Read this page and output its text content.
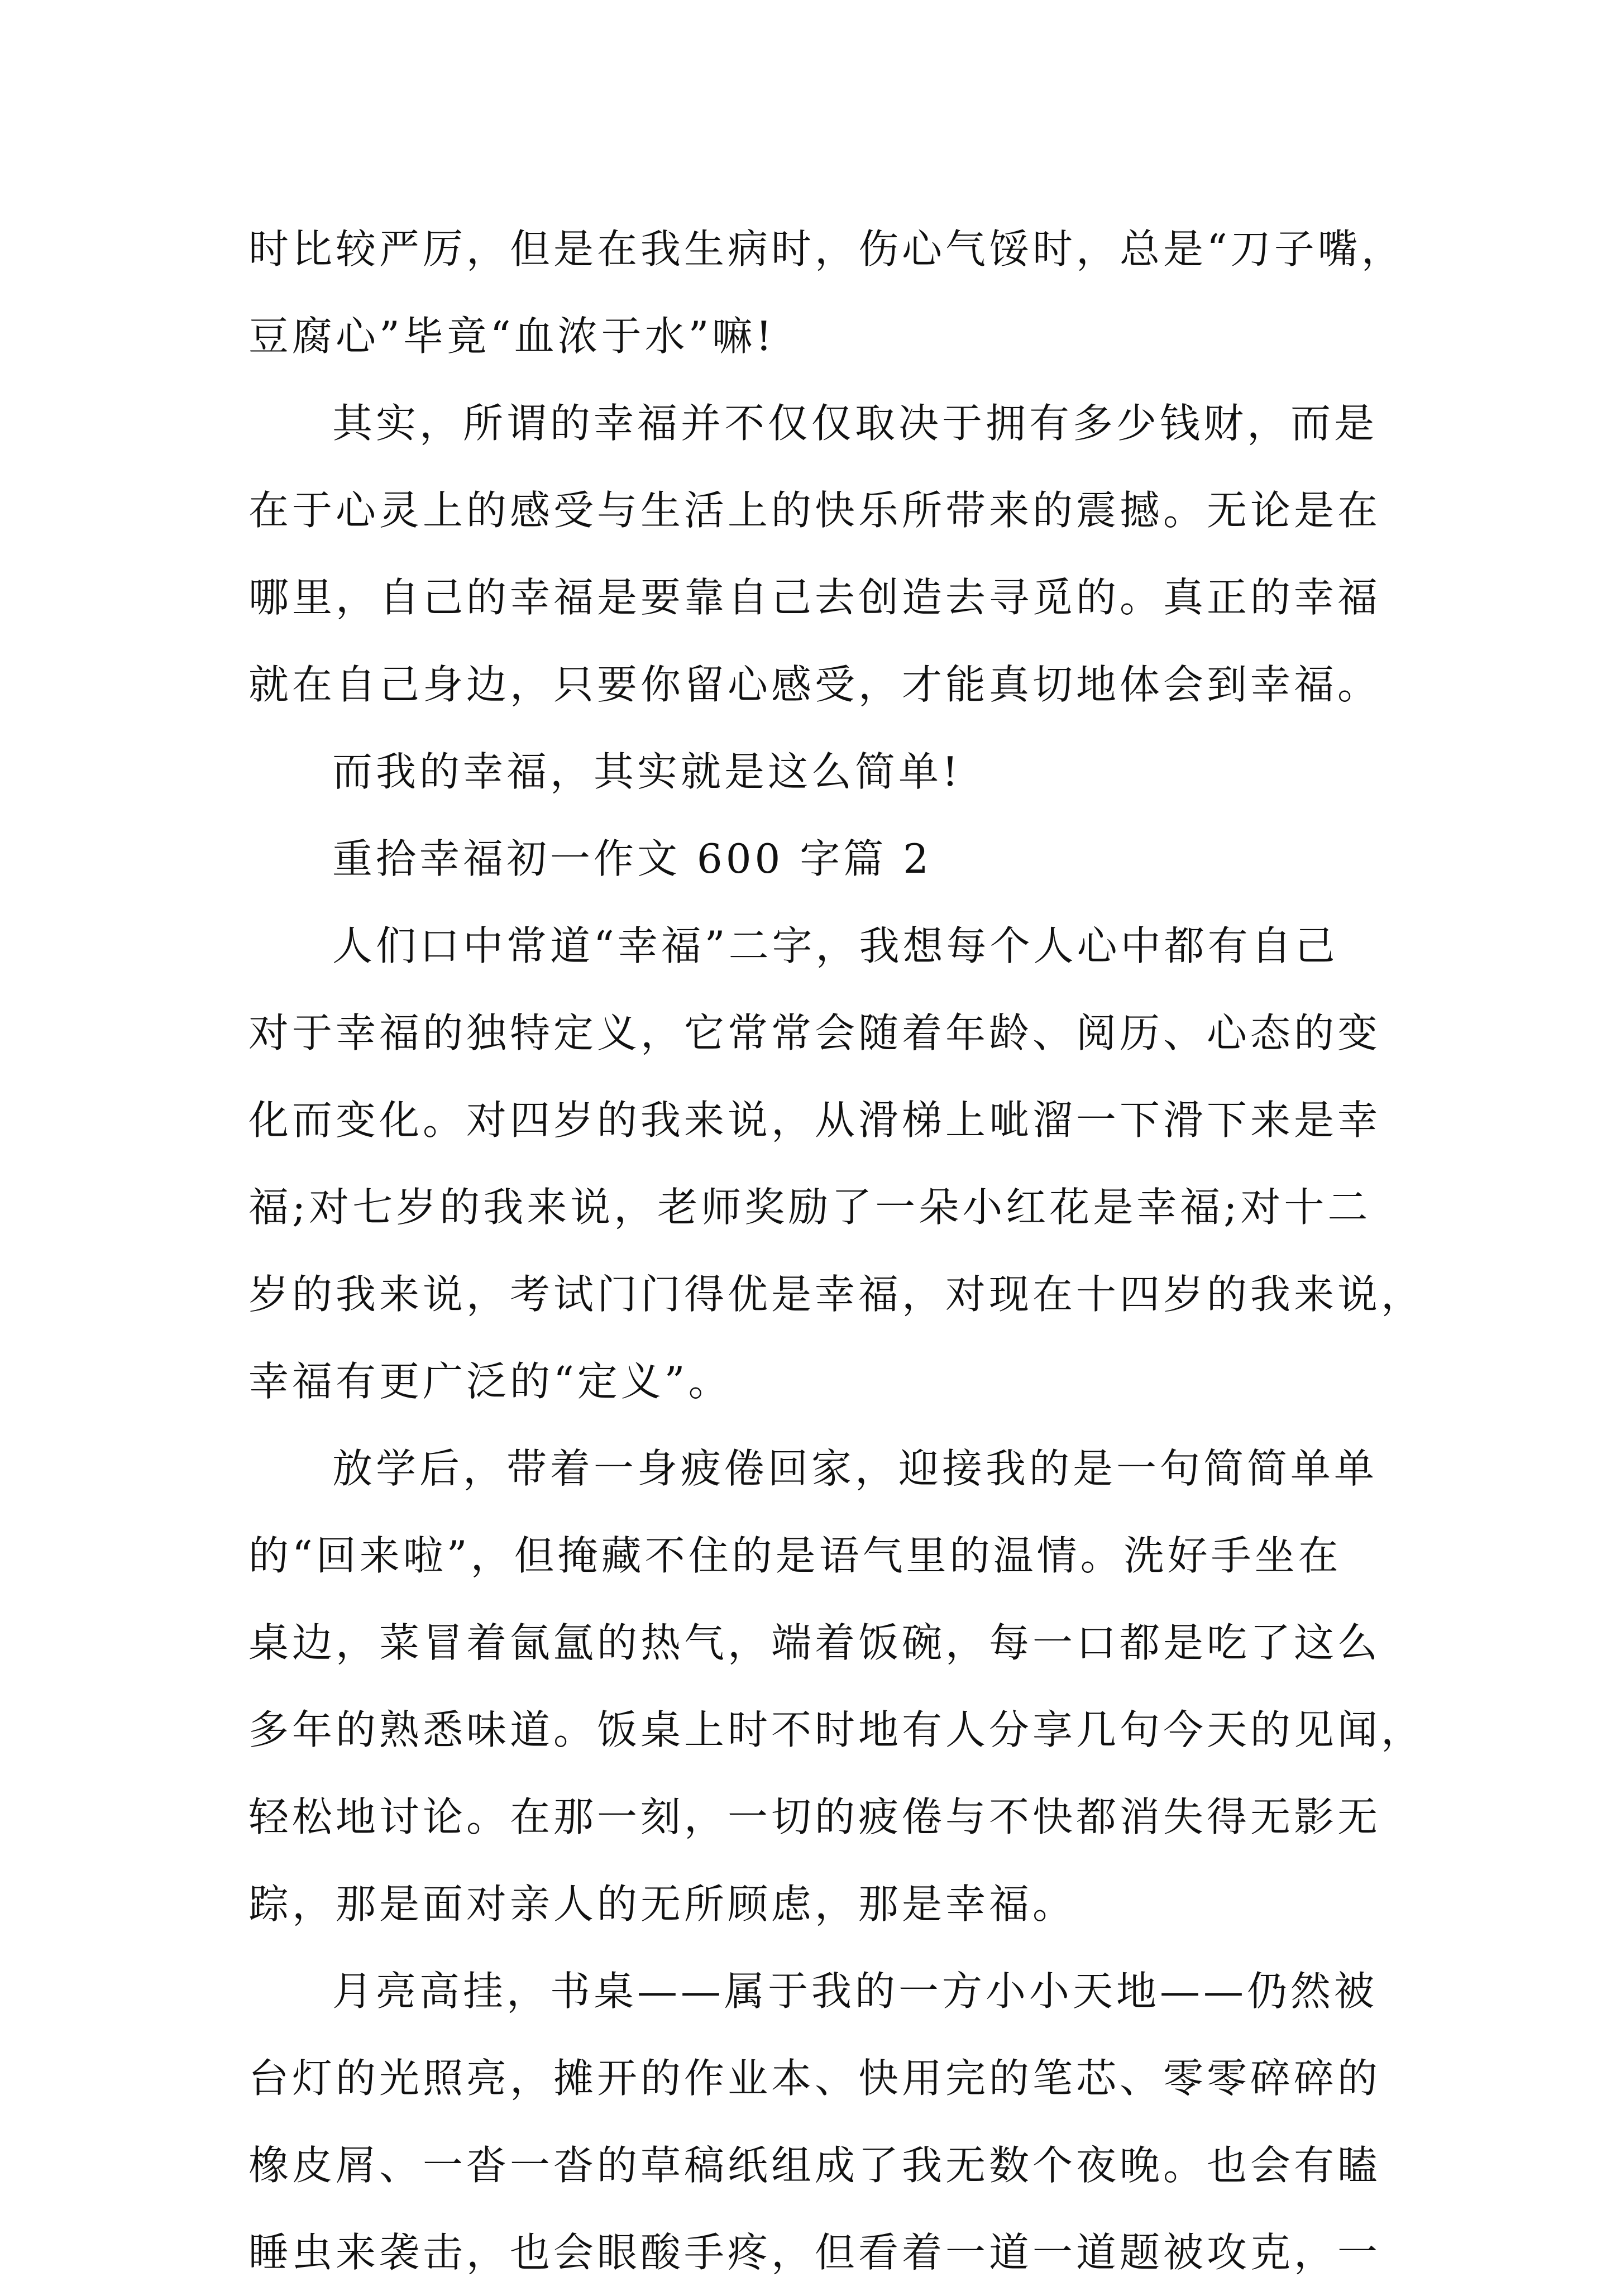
时比较严厉，但是在我生病时，伤心气馁时，总是“刀子嘴，
豆腐心”毕竟“血浓于水”嘛!
其实，所谓的幸福并不仅仅取决于拥有多少钱财，而是
在于心灵上的感受与生活上的快乐所带来的震撼。无论是在
哪里，自己的幸福是要靠自己去创造去寻觅的。真正的幸福
就在自己身边，只要你留心感受，才能真切地体会到幸福。
而我的幸福，其实就是这么简单!
重拾幸福初一作文 600 字篇 2
人们口中常道“幸福”二字，我想每个人心中都有自己
对于幸福的独特定义，它常常会随着年龄、阅历、心态的变
化而变化。对四岁的我来说，从滑梯上呲溜一下滑下来是幸
福;对七岁的我来说，老师奖励了一朵小红花是幸福;对十二
岁的我来说，考试门门得优是幸福，对现在十四岁的我来说，
幸福有更广泛的“定义”。
放学后，带着一身疲倦回家，迎接我的是一句简简单单
的“回来啦”，但掩藏不住的是语气里的温情。洗好手坐在
桌边，菜冒着氤氲的热气，端着饭碗，每一口都是吃了这么
多年的熟悉味道。饭桌上时不时地有人分享几句今天的见闻，
轻松地讨论。在那一刻，一切的疲倦与不快都消失得无影无
踪，那是面对亲人的无所顾虑，那是幸福。
月亮高挂，书桌——属于我的一方小小天地——仍然被
台灯的光照亮，摊开的作业本、快用完的笔芯、零零碎碎的
橡皮屑、一沓一沓的草稿纸组成了我无数个夜晚。也会有瞌
睡虫来袭击，也会眼酸手疼，但看着一道一道题被攻克，一
